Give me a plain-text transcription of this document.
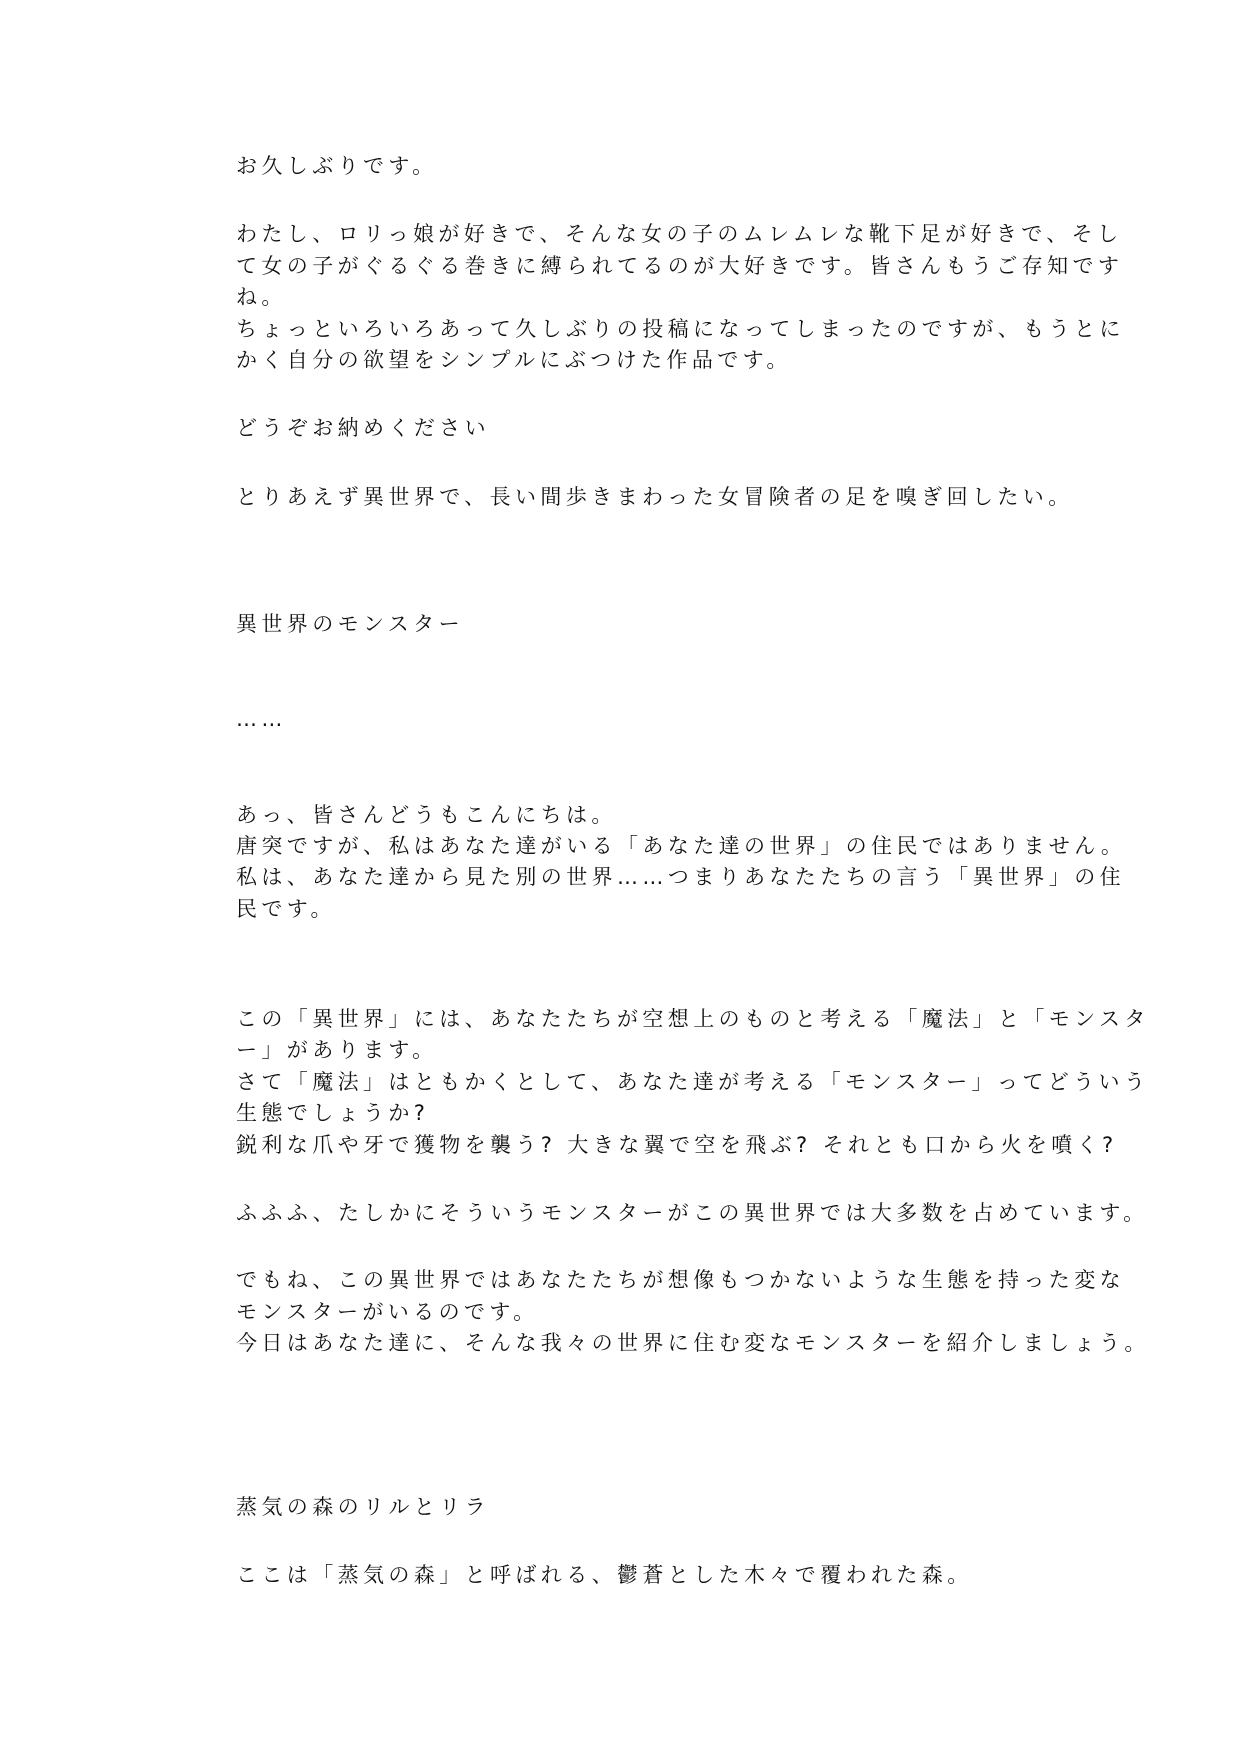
お久しぶりです。
わたし、ロリっ娘が好きで、そんな女の子のムレムレな靴下足が好きで、そし
て女の子がぐるぐる巻きに縛られてるのが大好きです。皆さんもうご存知です
ね。
ちょっといろいろあって久しぶりの投稿になってしまったのですが、もうとに
かく自分の欲望をシンプルにぶつけた作品です。
どうぞお納めください
とりあえず異世界で、長い間歩きまわった女冒険者の足を嗅ぎ回したい。
異世界のモンスター
……
あっ、皆さんどうもこんにちは。
唐突ですが、私はあなた達がいる「あなた達の世界」の住民ではありません。
私は、あなた達から見た別の世界……つまりあなたたちの言う「異世界」の住
民です。
この「異世界」には、あなたたちが空想上のものと考える「魔法」と「モンスタ
ー」があります。
さて「魔法」はともかくとして、あなた達が考える「モンスター」ってどういう
生態でしょうか?
鋭利な爪や牙で獲物を襲う? 大きな翼で空を飛ぶ? それとも口から火を噴く?
ふふふ、たしかにそういうモンスターがこの異世界では大多数を占めています。
でもね、この異世界ではあなたたちが想像もつかないような生態を持った変な
モンスターがいるのです。
今日はあなた達に、そんな我々の世界に住む変なモンスターを紹介しましょう。
蒸気の森のリルとリラ
ここは「蒸気の森」と呼ばれる、鬱蒼とした木々で覆われた森。
